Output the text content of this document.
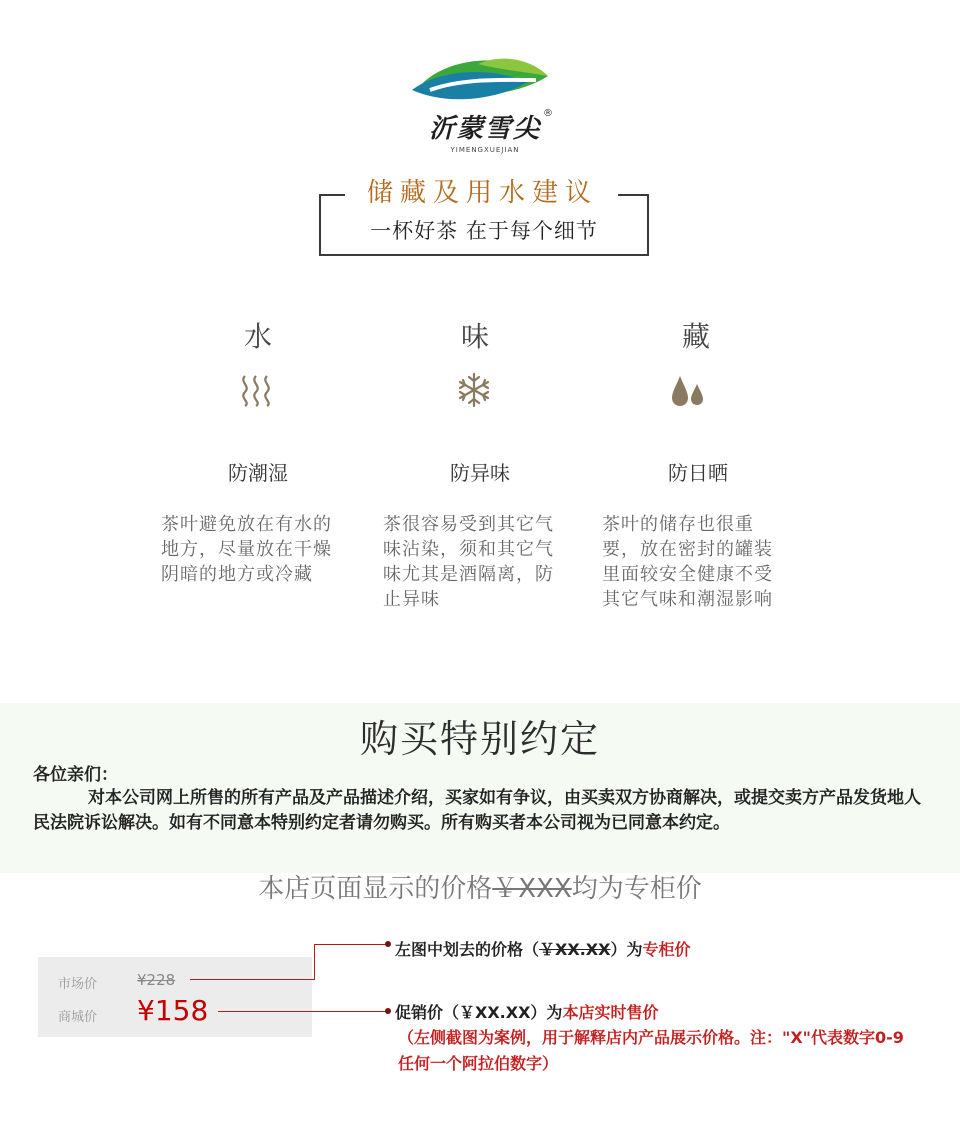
沂蒙雪尖
®
YIMENGXUEJIAN
储藏及用水建议
一杯好茶 在于每个细节
水
防潮湿
茶叶避免放在有水的地方，尽量放在干燥阴暗的地方或冷藏
味
防异味
茶很容易受到其它气味沾染，须和其它气味尤其是酒隔离，防止异味
藏
防日晒
茶叶的储存也很重要，放在密封的罐装里面较安全健康不受其它气味和潮湿影响
购买特别约定
各位亲们：
对本公司网上所售的所有产品及产品描述介绍，买家如有争议，由买卖双方协商解决，或提交卖方产品发货地人民法院诉讼解决。如有不同意本特别约定者请勿购买。所有购买者本公司视为已同意本约定。
本店页面显示的价格￥XXX均为专柜价
市场价	¥228
商城价 ¥158
左图中划去的价格（￥XX.XX）为专柜价
促销价（￥XX.XX）为本店实时售价
（左侧截图为案例，用于解释店内产品展示价格。注："X"代表数字0-9任何一个阿拉伯数字）
